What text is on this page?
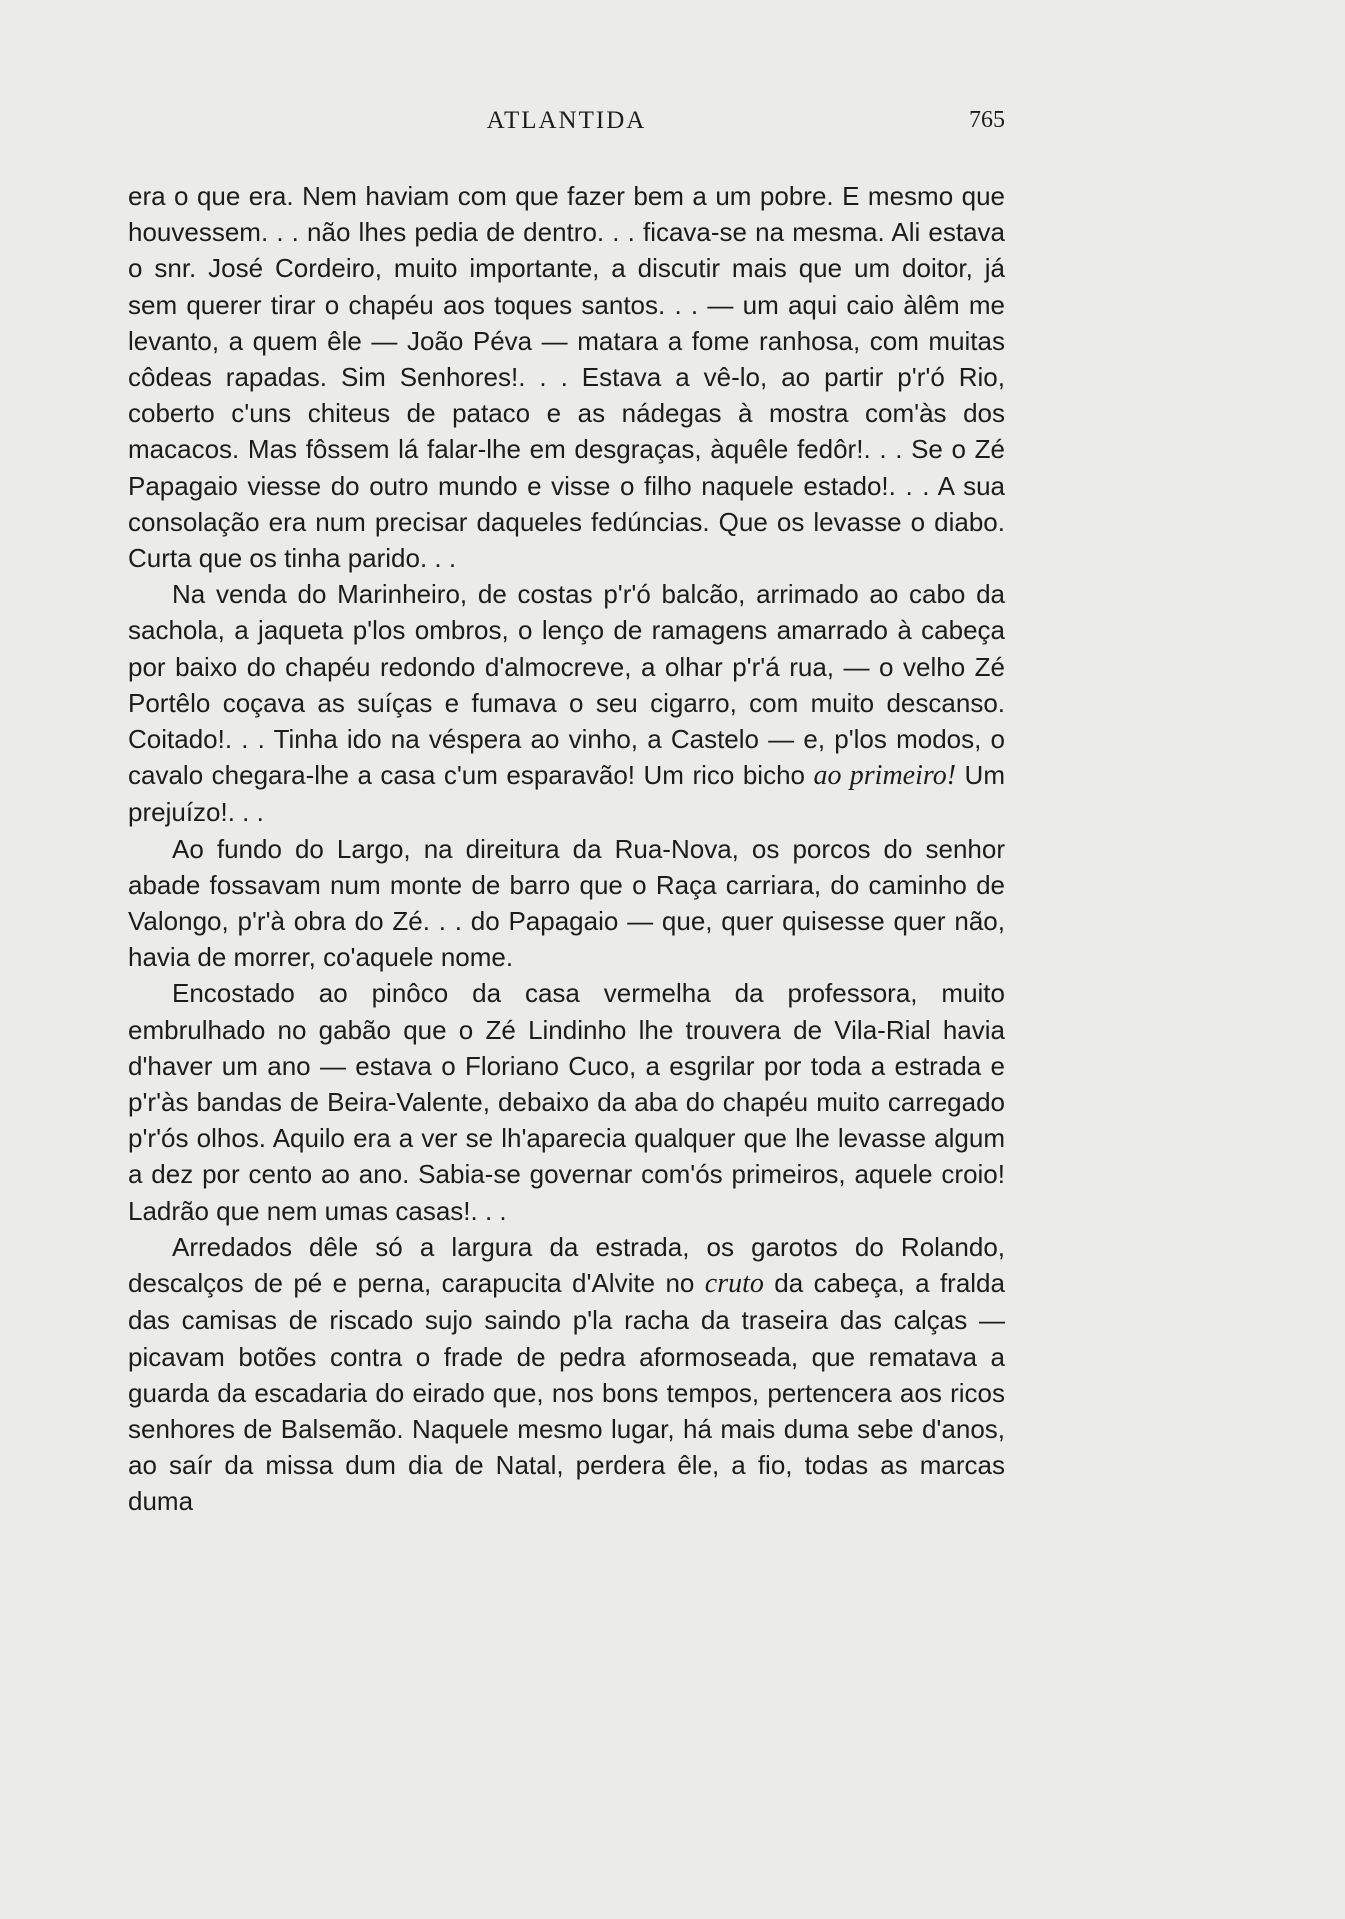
ATLANTIDA	765

era o que era. Nem haviam com que fazer bem a um pobre. E mesmo que houvessem. . . não lhes pedia de dentro. . . ficava-se na mesma. Ali estava o snr. José Cordeiro, muito importante, a discutir mais que um doitor, já sem querer tirar o chapéu aos toques santos. . . — um aqui caio àlêm me levanto, a quem êle — João Péva — matara a fome ranhosa, com muitas côdeas rapadas. Sim Senhores!. . . Estava a vê-lo, ao partir p'r'ó Rio, coberto c'uns chiteus de pataco e as nádegas à mostra com'às dos macacos. Mas fôssem lá falar-lhe em desgraças, àquêle fedôr!. . . Se o Zé Papagaio viesse do outro mundo e visse o filho naquele estado!. . . A sua consolação era num precisar daqueles fedúncias. Que os levasse o diabo. Curta que os tinha parido. . .

Na venda do Marinheiro, de costas p'r'ó balcão, arrimado ao cabo da sachola, a jaqueta p'los ombros, o lenço de ramagens amarrado à cabeça por baixo do chapéu redondo d'almocreve, a olhar p'r'á rua, — o velho Zé Portêlo coçava as suíças e fumava o seu cigarro, com muito descanso. Coitado!. . . Tinha ido na véspera ao vinho, a Castelo — e, p'los modos, o cavalo chegara-lhe a casa c'um esparavão! Um rico bicho ao primeiro! Um prejuízo!. . .

Ao fundo do Largo, na direitura da Rua-Nova, os porcos do senhor abade fossavam num monte de barro que o Raça carriara, do caminho de Valongo, p'r'à obra do Zé. . . do Papagaio — que, quer quisesse quer não, havia de morrer, co'aquele nome.

Encostado ao pinôco da casa vermelha da professora, muito embrulhado no gabão que o Zé Lindinho lhe trouvera de Vila-Rial havia d'haver um ano — estava o Floriano Cuco, a esgrilar por toda a estrada e p'r'às bandas de Beira-Valente, debaixo da aba do chapéu muito carregado p'r'ós olhos. Aquilo era a ver se lh'aparecia qualquer que lhe levasse algum a dez por cento ao ano. Sabia-se governar com'ós primeiros, aquele croio! Ladrão que nem umas casas!. . .

Arredados dêle só a largura da estrada, os garotos do Rolando, descalços de pé e perna, carapucita d'Alvite no cruto da cabeça, a fralda das camisas de riscado sujo saindo p'la racha da traseira das calças — picavam botões contra o frade de pedra aformoseada, que rematava a guarda da escadaria do eirado que, nos bons tempos, pertencera aos ricos senhores de Balsemão. Naquele mesmo lugar, há mais duma sebe d'anos, ao saír da missa dum dia de Natal, perdera êle, a fio, todas as marcas duma
